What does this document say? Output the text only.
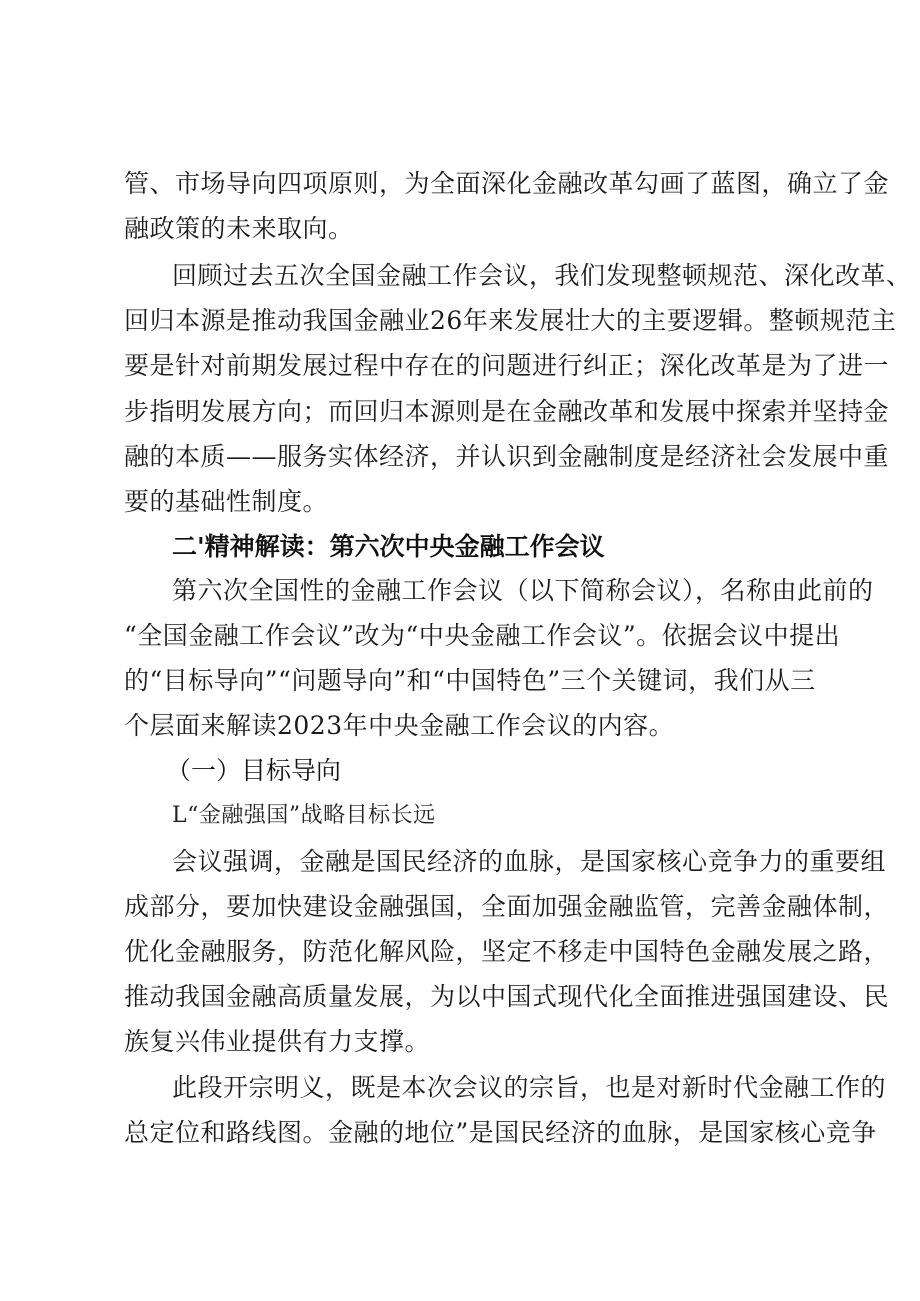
管、市场导向四项原则，为全面深化金融改革勾画了蓝图，确立了金

融政策的未来取向。

回顾过去五次全国金融工作会议，我们发现整顿规范、深化改革、

回归本源是推动我国金融业26年来发展壮大的主要逻辑。整顿规范主

要是针对前期发展过程中存在的问题进行纠正；深化改革是为了进一

步指明发展方向；而回归本源则是在金融改革和发展中探索并坚持金

融的本质——服务实体经济，并认识到金融制度是经济社会发展中重

要的基础性制度。

二'精神解读：第六次中央金融工作会议

第六次全国性的金融工作会议（以下简称会议），名称由此前的

“全国金融工作会议”改为“中央金融工作会议”。依据会议中提出

的“目标导向”“问题导向”和“中国特色”三个关键词，我们从三

个层面来解读2023年中央金融工作会议的内容。

（一）目标导向

L“金融强国”战略目标长远

会议强调，金融是国民经济的血脉，是国家核心竞争力的重要组

成部分，要加快建设金融强国，全面加强金融监管，完善金融体制，

优化金融服务，防范化解风险，坚定不移走中国特色金融发展之路，

推动我国金融高质量发展，为以中国式现代化全面推进强国建设、民

族复兴伟业提供有力支撑。

此段开宗明义，既是本次会议的宗旨，也是对新时代金融工作的

总定位和路线图。金融的地位”是国民经济的血脉，是国家核心竞争
